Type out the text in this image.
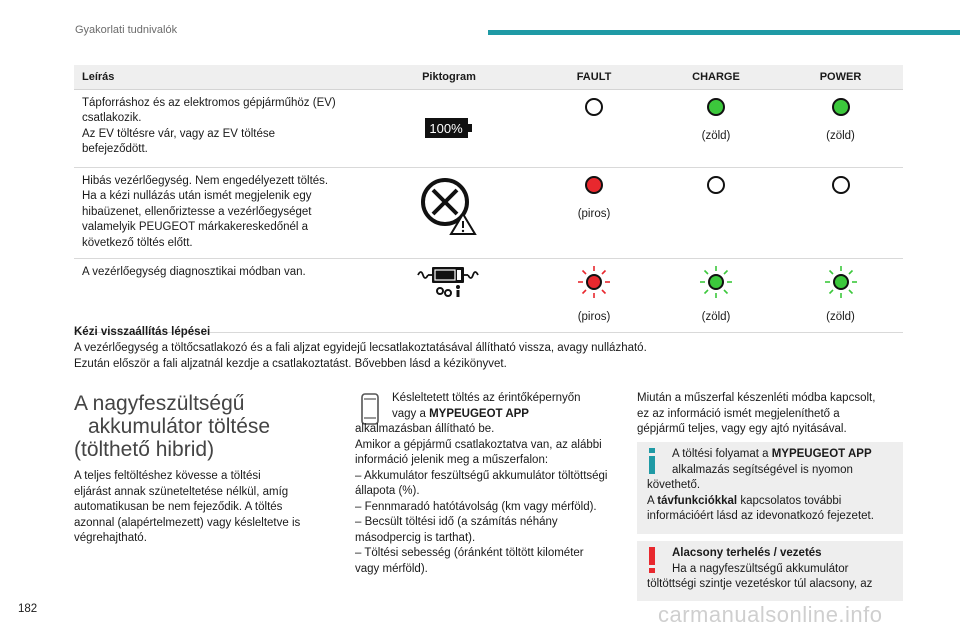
Gyakorlati tudnivalók
Leírás	Piktogram	FAULT	CHARGE	POWER

Tápforráshoz és az elektromos gépjárműhöz (EV)
csatlakozik.
Az EV töltésre vár, vagy az EV töltése
befejeződött.	100%		(zöld)	(zöld)

Hibás vezérlőegység. Nem engedélyezett töltés.
Ha a kézi nullázás után ismét megjelenik egy
hibaüzenet, ellenőriztesse a vezérlőegységet
valamelyik PEUGEOT márkakereskedőnél a
következő töltés előtt.		(piros)

A vezérlőegység diagnosztikai módban van.		(piros)	(zöld)	(zöld)
Kézi visszaállítás lépései
A vezérlőegység a töltőcsatlakozó és a fali aljzat egyidejű lecsatlakoztatásával állítható vissza, avagy nullázható.
Ezután először a fali aljzatnál kezdje a csatlakoztatást. Bővebben lásd a kézikönyvet.
A nagyfeszültségű
akkumulátor töltése
(tölthető hibrid)
A teljes feltöltéshez kövesse a töltési
eljárást annak szüneteltetése nélkül, amíg
automatikusan be nem fejeződik. A töltés
azonnal (alapértelmezett) vagy késleltetve is
végrehajtható.
Késleltetett töltés az érintőképernyőn
vagy a MYPEUGEOT APP
alkalmazásban állítható be.
Amikor a gépjármű csatlakoztatva van, az alábbi
információ jelenik meg a műszerfalon:
– Akkumulátor feszültségű akkumulátor töltöttségi
állapota (%).
– Fennmaradó hatótávolság (km vagy mérföld).
– Becsült töltési idő (a számítás néhány
másodpercig is tarthat).
– Töltési sebesség (óránként töltött kilométer
vagy mérföld).
Miután a műszerfal készenléti módba kapcsolt,
ez az információ ismét megjeleníthető a
gépjármű teljes, vagy egy ajtó nyitásával.
A töltési folyamat a MYPEUGEOT APP
alkalmazás segítségével is nyomon
követhető.
A távfunkciókkal kapcsolatos további
információért lásd az idevonatkozó fejezetet.
Alacsony terhelés / vezetés
Ha a nagyfeszültségű akkumulátor
töltöttségi szintje vezetéskor túl alacsony, az
182	carmanualsonline.info
